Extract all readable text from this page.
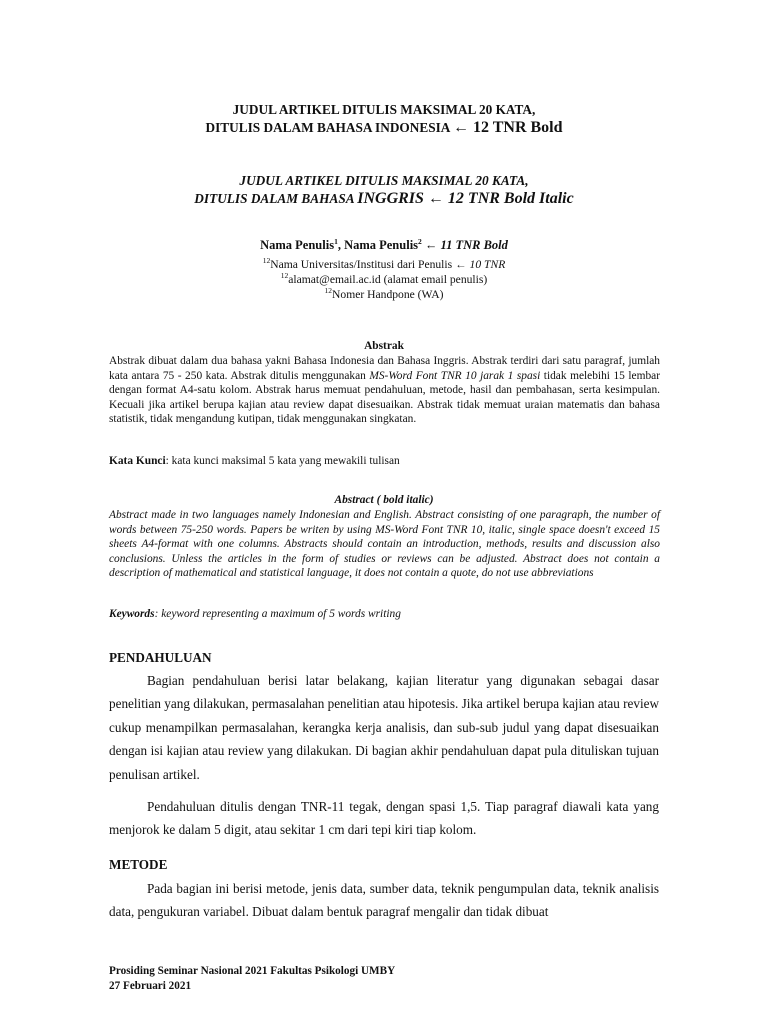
JUDUL ARTIKEL DITULIS MAKSIMAL 20 KATA,
DITULIS DALAM BAHASA INDONESIA ← 12 TNR Bold
JUDUL ARTIKEL DITULIS MAKSIMAL 20 KATA,
DITULIS DALAM BAHASA INGGRIS ← 12 TNR Bold Italic
Nama Penulis$^1$, Nama Penulis$^2$ ← 11 TNR Bold
$^{12}$Nama Universitas/Institusi dari Penulis ← 10 TNR
$^{12}$alamat@email.ac.id (alamat email penulis)
$^{12}$Nomer Handpone (WA)
Abstrak
Abstrak dibuat dalam dua bahasa yakni Bahasa Indonesia dan Bahasa Inggris. Abstrak terdiri dari satu paragraf, jumlah kata antara 75 - 250 kata. Abstrak ditulis menggunakan MS-Word Font TNR 10 jarak 1 spasi tidak melebihi 15 lembar dengan format A4-satu kolom. Abstrak harus memuat pendahuluan, metode, hasil dan pembahasan, serta kesimpulan. Kecuali jika artikel berupa kajian atau review dapat disesuaikan. Abstrak tidak memuat uraian matematis dan bahasa statistik, tidak mengandung kutipan, tidak menggunakan singkatan.
Kata Kunci: kata kunci maksimal 5 kata yang mewakili tulisan
Abstract ( bold italic)
Abstract made in two languages namely Indonesian and English. Abstract consisting of one paragraph, the number of words between 75-250 words. Papers be writen by using MS-Word Font TNR 10, italic, single space doesn't exceed 15 sheets A4-format with one columns. Abstracts should contain an introduction, methods, results and discussion also conclusions. Unless the articles in the form of studies or reviews can be adjusted. Abstract does not contain a description of mathematical and statistical language, it does not contain a quote, do not use abbreviations
Keywords: keyword representing a maximum of 5 words writing
PENDAHULUAN

Bagian pendahuluan berisi latar belakang, kajian literatur yang digunakan sebagai dasar penelitian yang dilakukan, permasalahan penelitian atau hipotesis. Jika artikel berupa kajian atau review cukup menampilkan permasalahan, kerangka kerja analisis, dan sub-sub judul yang dapat disesuaikan dengan isi kajian atau review yang dilakukan. Di bagian akhir pendahuluan dapat pula dituliskan tujuan penulisan artikel.

Pendahuluan ditulis dengan TNR-11 tegak, dengan spasi 1,5. Tiap paragraf diawali kata yang menjorok ke dalam 5 digit, atau sekitar 1 cm dari tepi kiri tiap kolom.

METODE

Pada bagian ini berisi metode, jenis data, sumber data, teknik pengumpulan data, teknik analisis data, pengukuran variabel. Dibuat dalam bentuk paragraf mengalir dan tidak dibuat

Prosiding Seminar Nasional 2021 Fakultas Psikologi UMBY
27 Februari 2021
